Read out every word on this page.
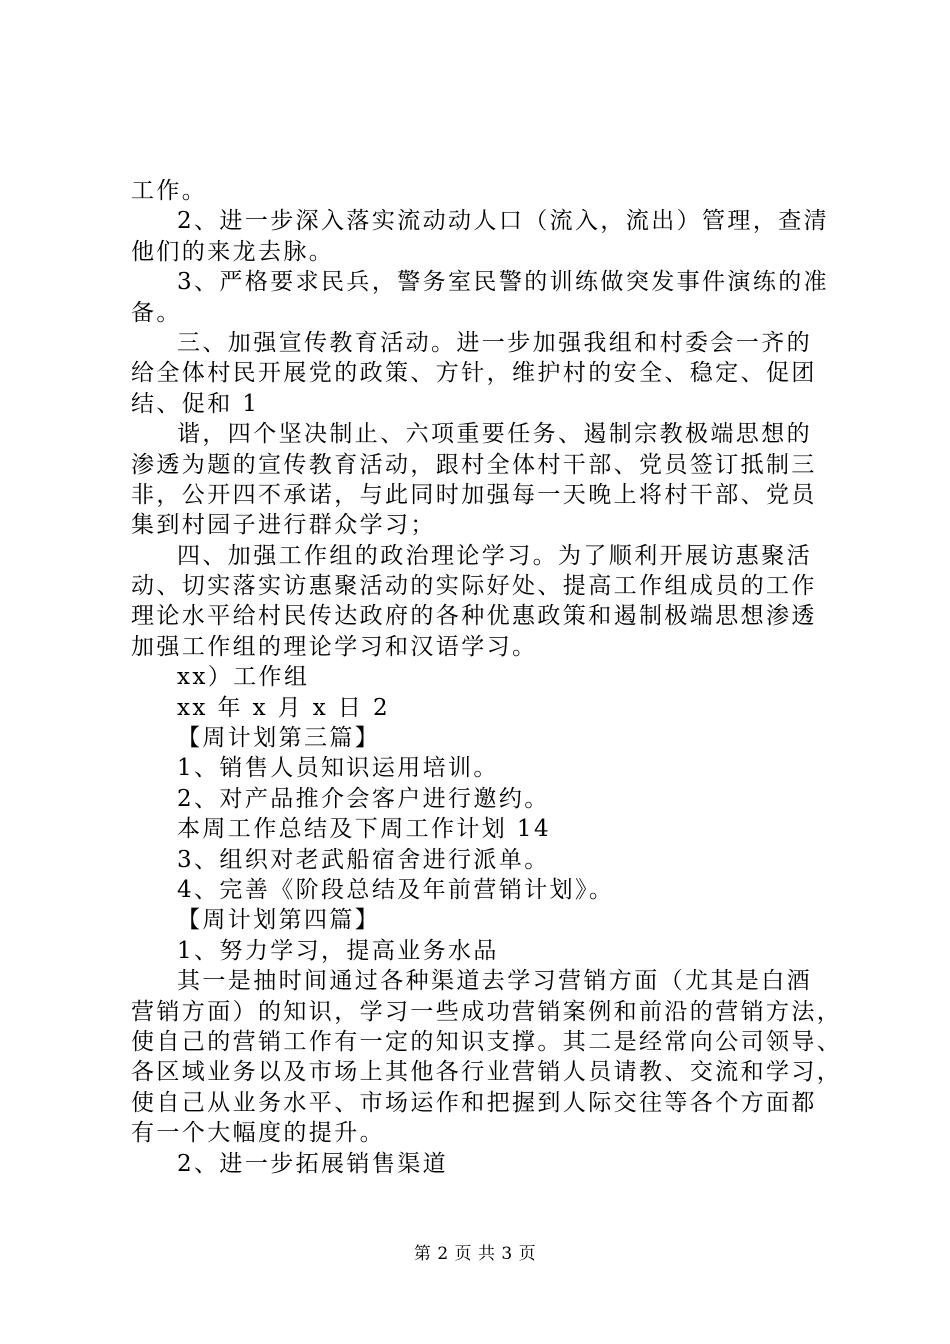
工作。
2、进一步深入落实流动动人口（流入，流出）管理，查清
他们的来龙去脉。
3、严格要求民兵，警务室民警的训练做突发事件演练的准
备。
三、加强宣传教育活动。进一步加强我组和村委会一齐的
给全体村民开展党的政策、方针，维护村的安全、稳定、促团
结、促和 1
谐，四个坚决制止、六项重要任务、遏制宗教极端思想的
渗透为题的宣传教育活动，跟村全体村干部、党员签订抵制三
非，公开四不承诺，与此同时加强每一天晚上将村干部、党员
集到村园子进行群众学习；
四、加强工作组的政治理论学习。为了顺利开展访惠聚活
动、切实落实访惠聚活动的实际好处、提高工作组成员的工作
理论水平给村民传达政府的各种优惠政策和遏制极端思想渗透
加强工作组的理论学习和汉语学习。
xx）工作组
xx 年 x 月 x 日 2
【周计划第三篇】
1、销售人员知识运用培训。
2、对产品推介会客户进行邀约。
本周工作总结及下周工作计划 14
3、组织对老武船宿舍进行派单。
4、完善《阶段总结及年前营销计划》。
【周计划第四篇】
1、努力学习，提高业务水品
其一是抽时间通过各种渠道去学习营销方面（尤其是白酒
营销方面）的知识，学习一些成功营销案例和前沿的营销方法，
使自己的营销工作有一定的知识支撑。其二是经常向公司领导、
各区域业务以及市场上其他各行业营销人员请教、交流和学习，
使自己从业务水平、市场运作和把握到人际交往等各个方面都
有一个大幅度的提升。
2、进一步拓展销售渠道
第 2 页 共 3 页
